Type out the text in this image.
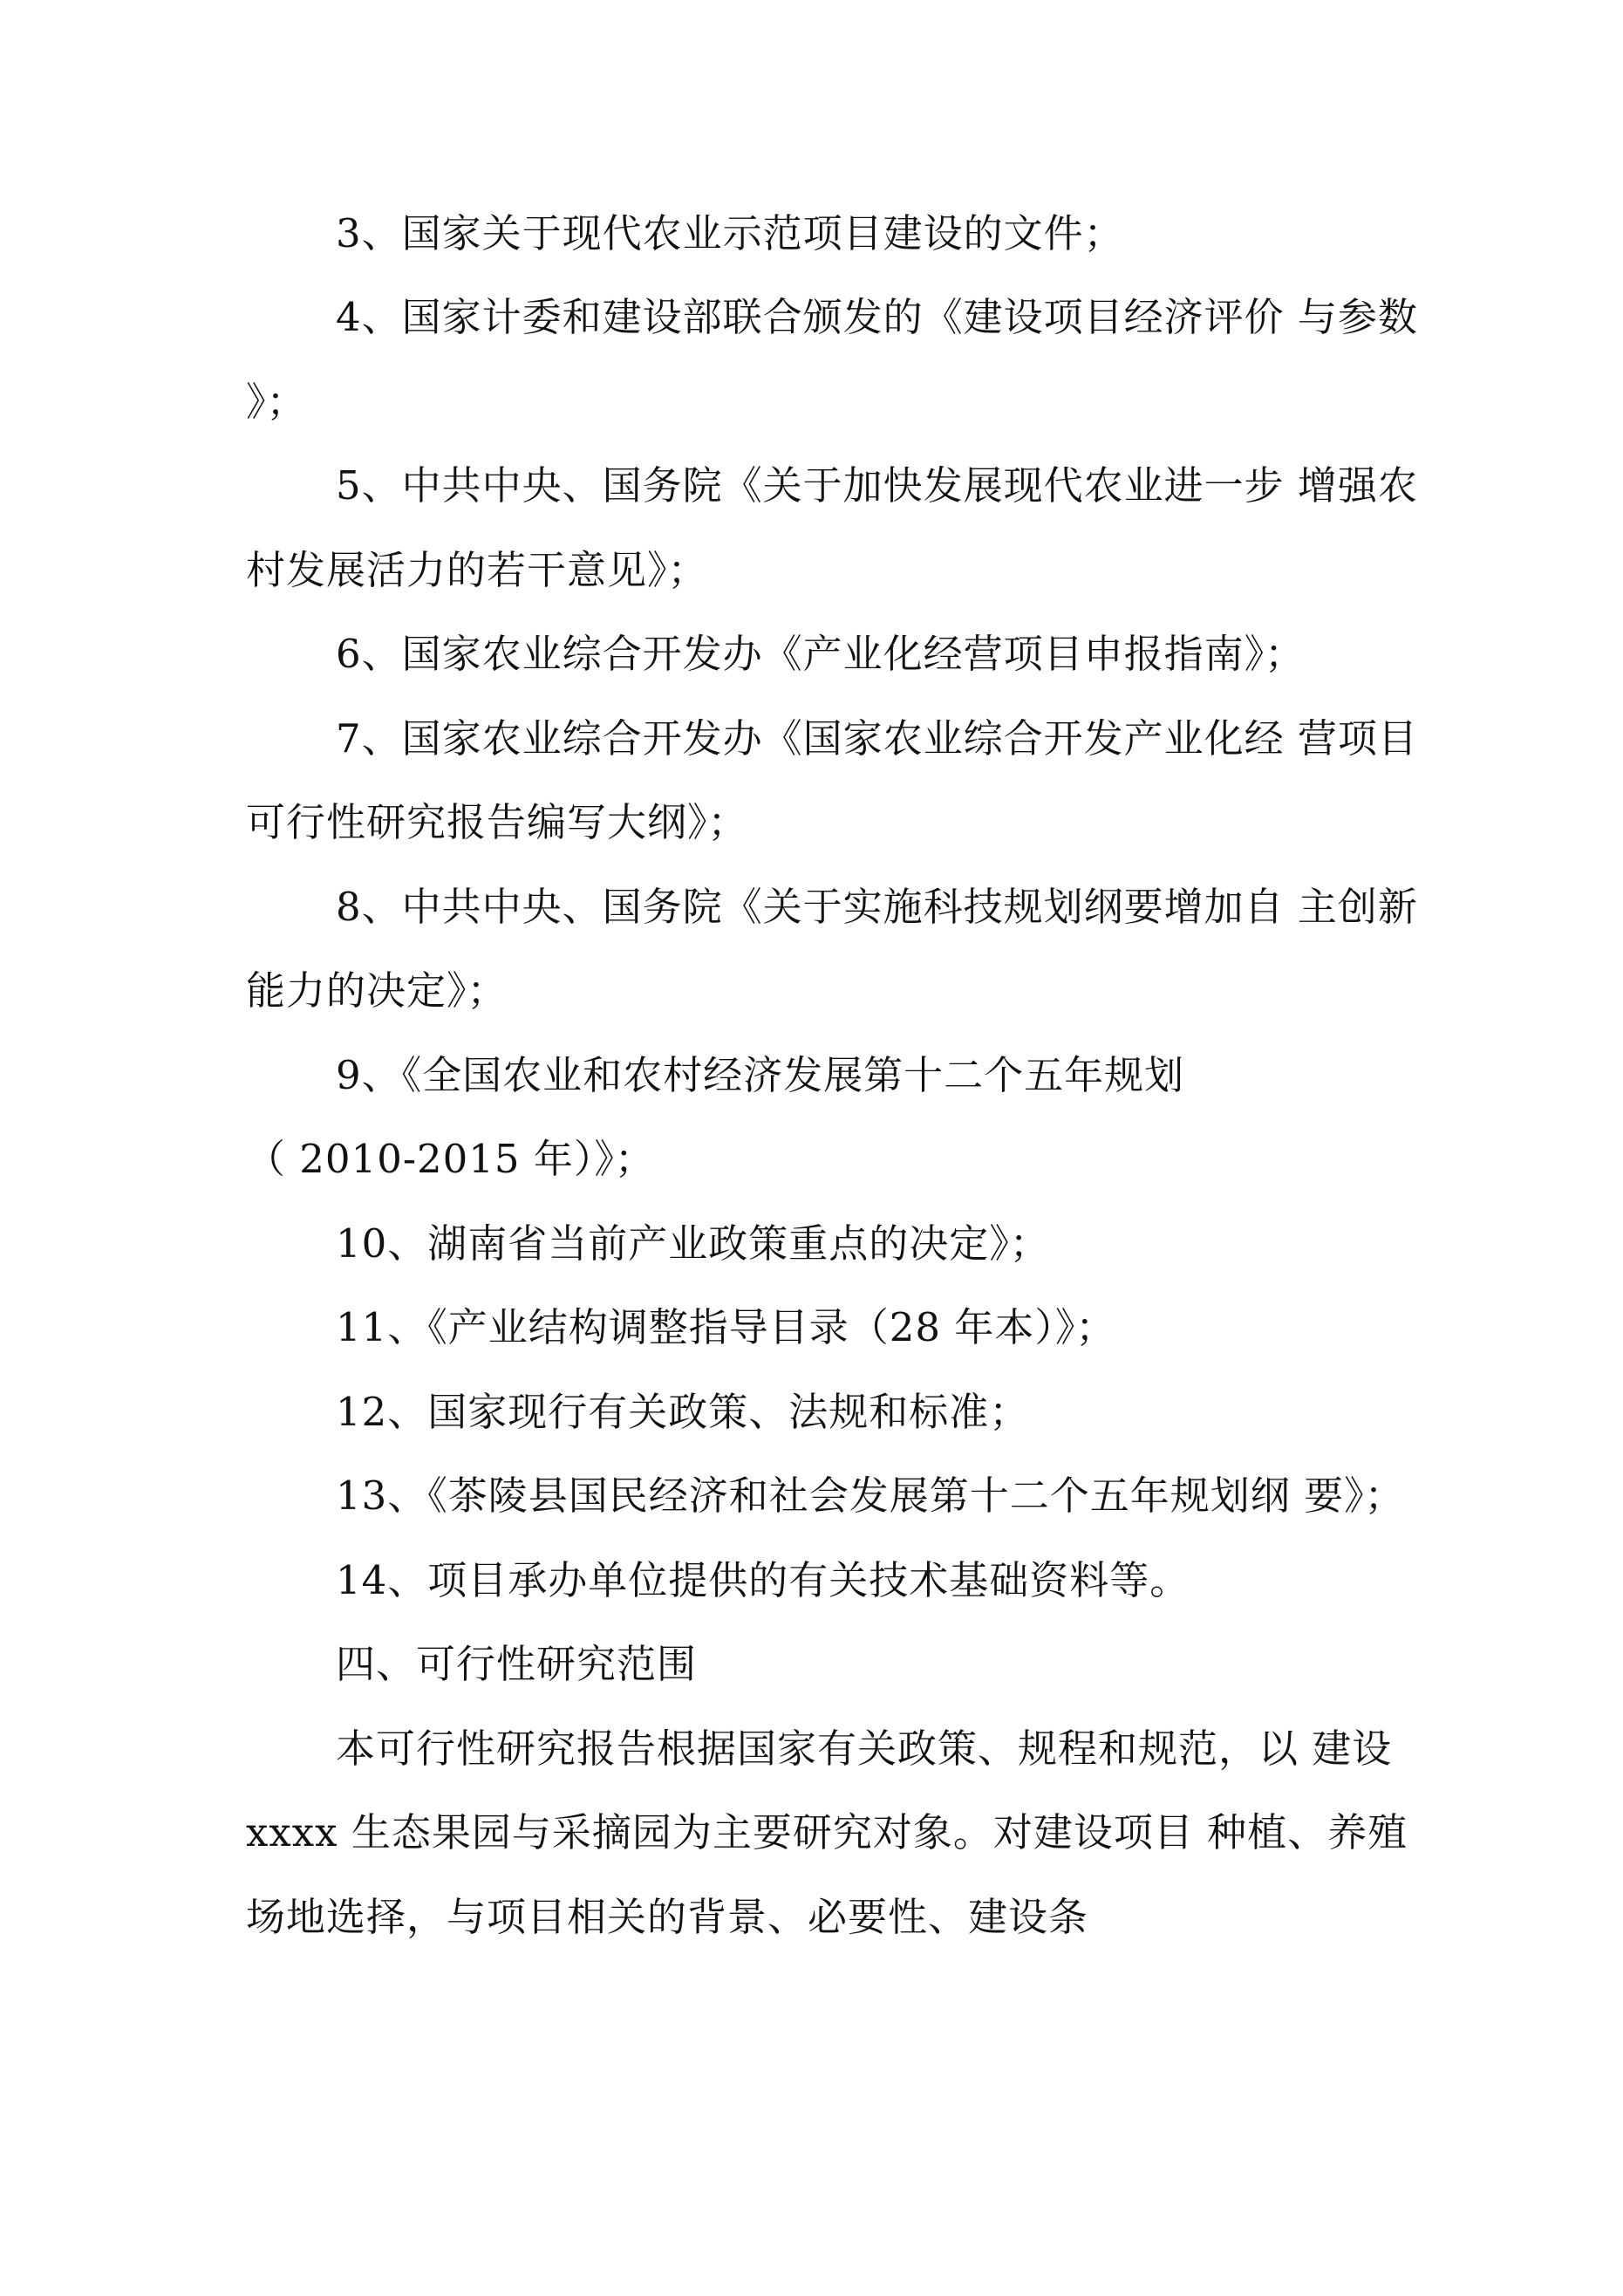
3、国家关于现代农业示范项目建设的文件；
4、国家计委和建设部联合颁发的《建设项目经济评价 与参数
》；
5、中共中央、国务院《关于加快发展现代农业进一步 增强农
村发展活力的若干意见》；
6、国家农业综合开发办《产业化经营项目申报指南》；
7、国家农业综合开发办《国家农业综合开发产业化经 营项目
可行性研究报告编写大纲》；
8、中共中央、国务院《关于实施科技规划纲要增加自 主创新
能力的决定》；
9、《全国农业和农村经济发展第十二个五年规划
（ 2010-2015 年）》；
10、湖南省当前产业政策重点的决定》；
11、《产业结构调整指导目录（28 年本）》；
12、国家现行有关政策、法规和标准；
13、《茶陵县国民经济和社会发展第十二个五年规划纲 要》；
14、项目承办单位提供的有关技术基础资料等。
四、可行性研究范围
本可行性研究报告根据国家有关政策、规程和规范，以 建设
xxxx 生态果园与采摘园为主要研究对象。对建设项目 种植、养殖
场地选择，与项目相关的背景、必要性、建设条
